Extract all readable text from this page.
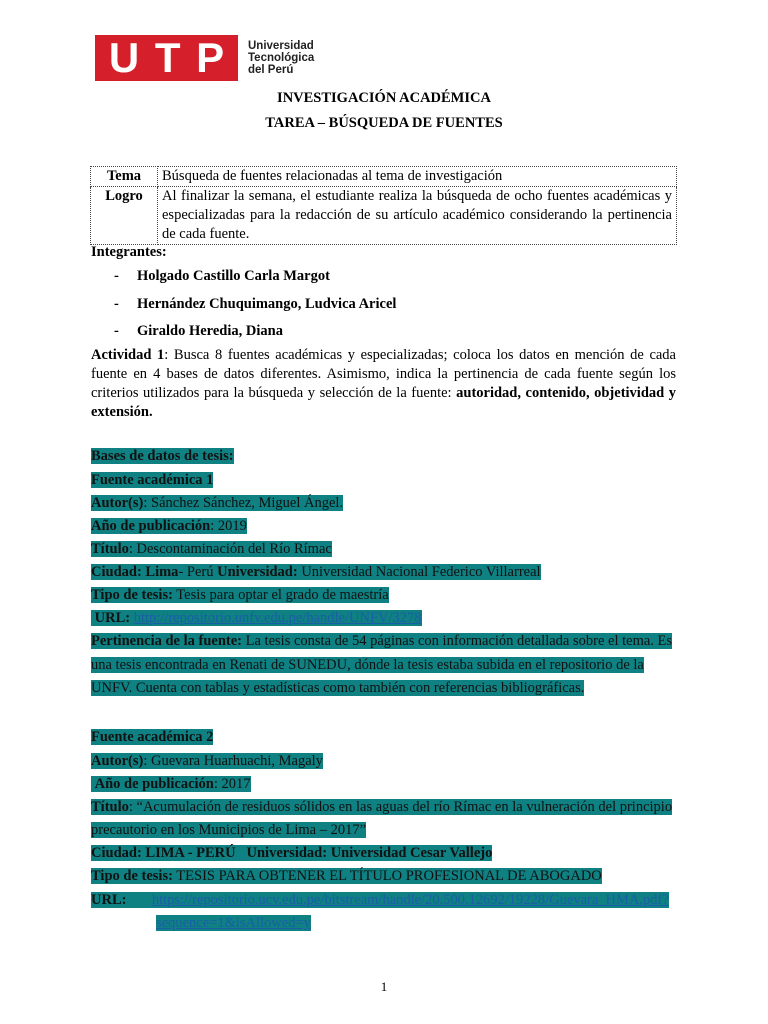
U T P Universidad
Tecnológica
del Perú
INVESTIGACIÓN ACADÉMICA
TAREA – BÚSQUEDA DE FUENTES
Tema	Búsqueda de fuentes relacionadas al tema de investigación
Logro	Al finalizar la semana, el estudiante realiza la búsqueda de ocho fuentes académicas y especializadas para la redacción de su artículo académico considerando la pertinencia de cada fuente.
Integrantes:
- Holgado Castillo Carla Margot
- Hernández Chuquimango, Ludvica Aricel
- Giraldo Heredia, Diana
Actividad 1: Busca 8 fuentes académicas y especializadas; coloca los datos en mención de cada fuente en 4 bases de datos diferentes. Asimismo, indica la pertinencia de cada fuente según los criterios utilizados para la búsqueda y selección de la fuente: autoridad, contenido, objetividad y extensión.
Bases de datos de tesis:
Fuente académica 1
Autor(s): Sánchez Sánchez, Miguel Ángel.
Año de publicación: 2019
Título: Descontaminación del Río Rímac
Ciudad: Lima- Perú Universidad: Universidad Nacional Federico Villarreal
Tipo de tesis: Tesis para optar el grado de maestría
URL: http://repositorio.unfv.edu.pe/handle/UNFV/3278
Pertinencia de la fuente: La tesis consta de 54 páginas con información detallada sobre el tema. Es
una tesis encontrada en Renati de SUNEDU, dónde la tesis estaba subida en el repositorio de la
UNFV. Cuenta con tablas y estadísticas como también con referencias bibliográficas.
Fuente académica 2
Autor(s): Guevara Huarhuachi, Magaly
Año de publicación: 2017
Título: “Acumulación de residuos sólidos en las aguas del río Rímac en la vulneración del principio
precautorio en los Municipios de Lima – 2017”
Ciudad: LIMA - PERÚ Universidad: Universidad Cesar Vallejo
Tipo de tesis: TESIS PARA OBTENER EL TÍTULO PROFESIONAL DE ABOGADO
URL: https://repositorio.ucv.edu.pe/bitstream/handle/20.500.12692/19228/Guevara_HMA.pdf?
sequence=1&isAllowed=y
1
